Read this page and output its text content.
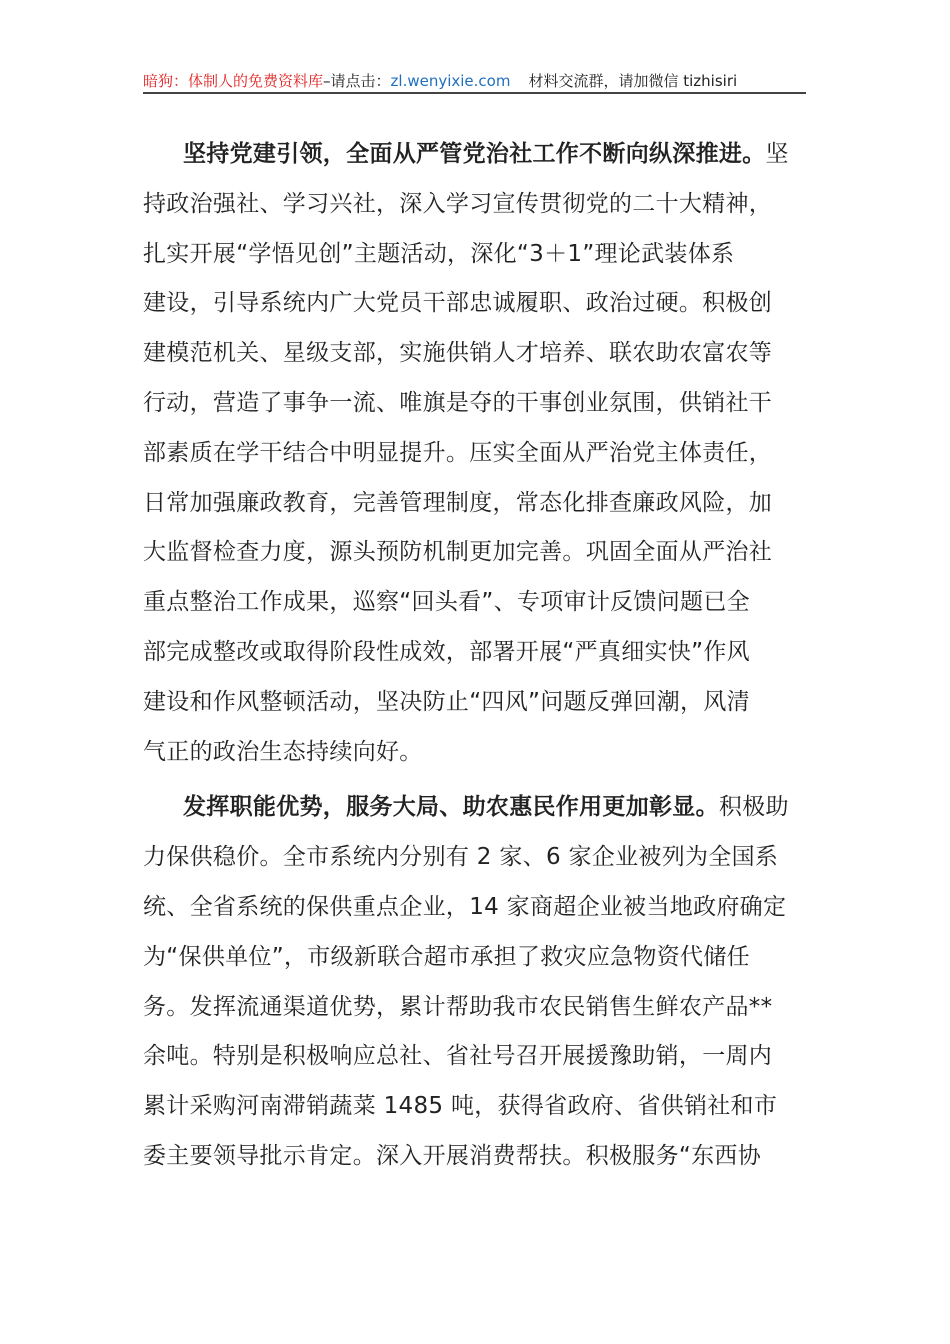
暗狗：体制人的免费资料库–请点击：zl.wenyixie.com 材料交流群，请加微信 tizhisiri
坚持党建引领，全面从严管党治社工作不断向纵深推进。坚
持政治强社、学习兴社，深入学习宣传贯彻党的二十大精神，
扎实开展“学悟见创”主题活动，深化“3＋1”理论武装体系
建设，引导系统内广大党员干部忠诚履职、政治过硬。积极创
建模范机关、星级支部，实施供销人才培养、联农助农富农等
行动，营造了事争一流、唯旗是夺的干事创业氛围，供销社干
部素质在学干结合中明显提升。压实全面从严治党主体责任，
日常加强廉政教育，完善管理制度，常态化排查廉政风险，加
大监督检查力度，源头预防机制更加完善。巩固全面从严治社
重点整治工作成果，巡察“回头看”、专项审计反馈问题已全
部完成整改或取得阶段性成效，部署开展“严真细实快”作风
建设和作风整顿活动，坚决防止“四风”问题反弹回潮，风清
气正的政治生态持续向好。
发挥职能优势，服务大局、助农惠民作用更加彰显。积极助
力保供稳价。全市系统内分别有 2 家、6 家企业被列为全国系
统、全省系统的保供重点企业，14 家商超企业被当地政府确定
为“保供单位”，市级新联合超市承担了救灾应急物资代储任
务。发挥流通渠道优势，累计帮助我市农民销售生鲜农产品**
余吨。特别是积极响应总社、省社号召开展援豫助销，一周内
累计采购河南滞销蔬菜 1485 吨，获得省政府、省供销社和市
委主要领导批示肯定。深入开展消费帮扶。积极服务“东西协
